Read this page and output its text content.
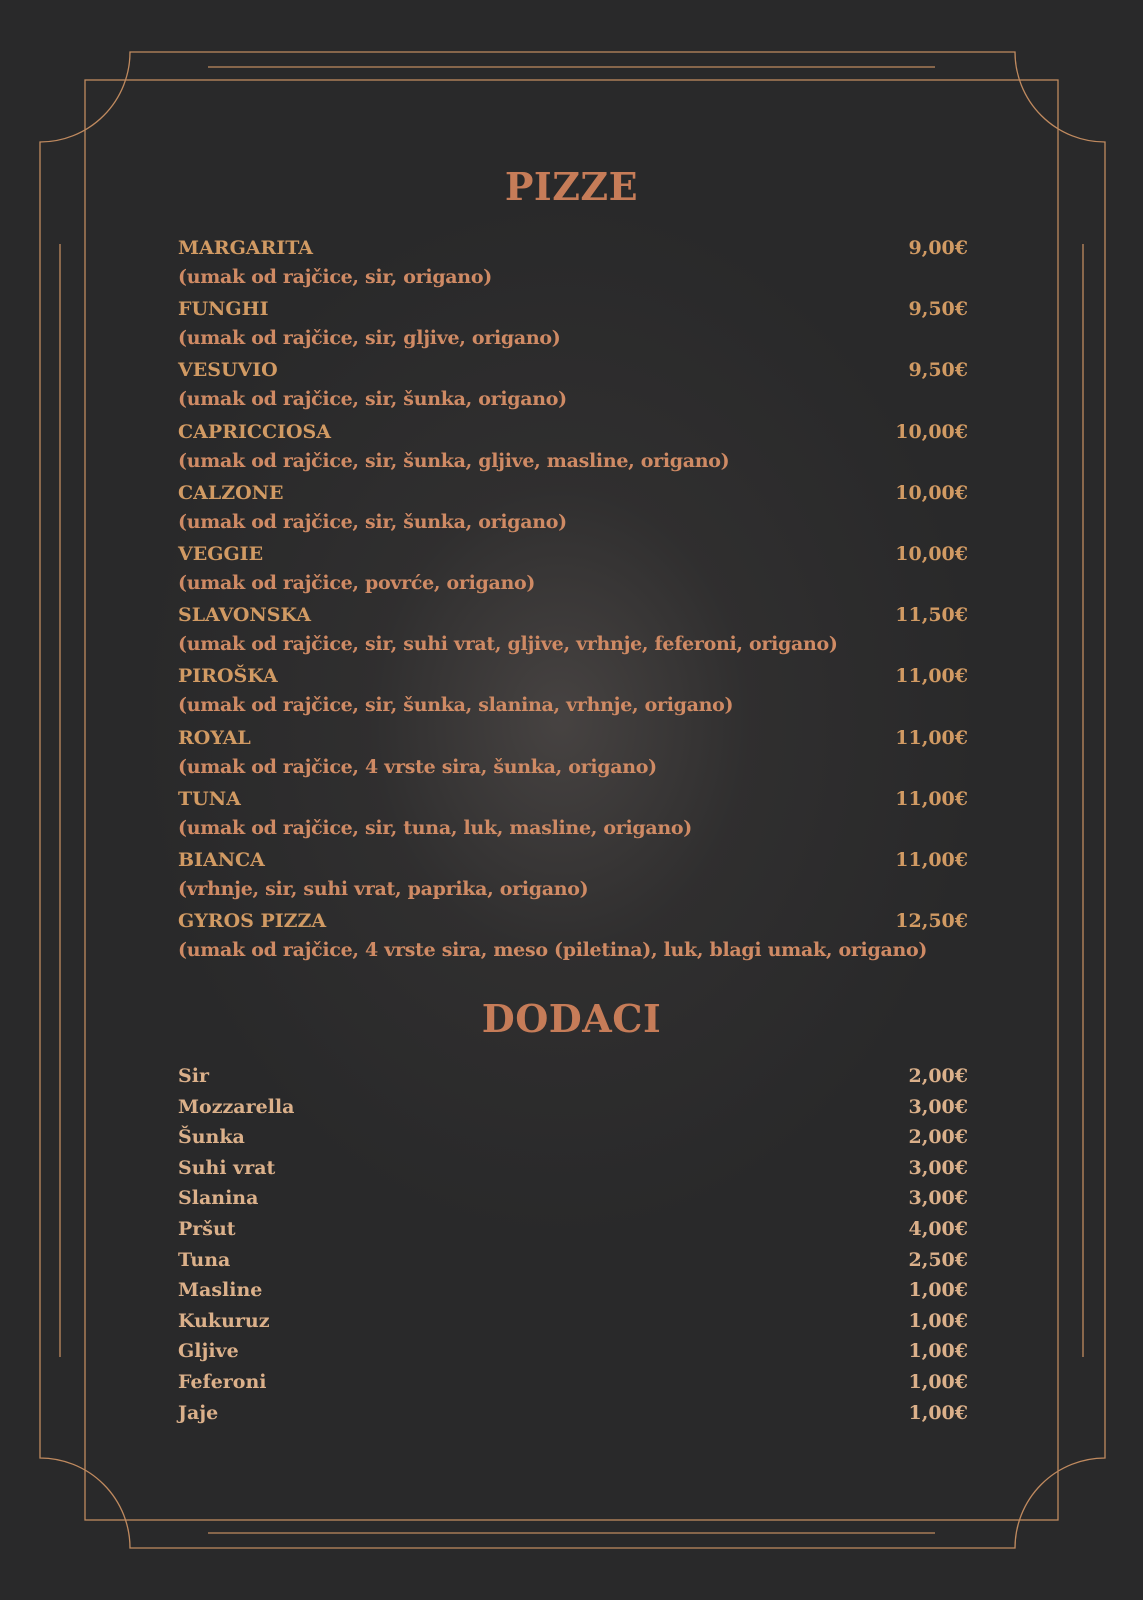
PIZZE
MARGARITA	9,00€
(umak od rajčice, sir, origano)
FUNGHI	9,50€
(umak od rajčice, sir, gljive, origano)
VESUVIO	9,50€
(umak od rajčice, sir, šunka, origano)
CAPRICCIOSA	10,00€
(umak od rajčice, sir, šunka, gljive, masline, origano)
CALZONE	10,00€
(umak od rajčice, sir, šunka, origano)
VEGGIE	10,00€
(umak od rajčice, povrće, origano)
SLAVONSKA	11,50€
(umak od rajčice, sir, suhi vrat, gljive, vrhnje, feferoni, origano)
PIROŠKA	11,00€
(umak od rajčice, sir, šunka, slanina, vrhnje, origano)
ROYAL	11,00€
(umak od rajčice, 4 vrste sira, šunka, origano)
TUNA	11,00€
(umak od rajčice, sir, tuna, luk, masline, origano)
BIANCA	11,00€
(vrhnje, sir, suhi vrat, paprika, origano)
GYROS PIZZA	12,50€
(umak od rajčice, 4 vrste sira, meso (piletina), luk, blagi umak, origano)
DODACI
Sir	2,00€
Mozzarella	3,00€
Šunka	2,00€
Suhi vrat	3,00€
Slanina	3,00€
Pršut	4,00€
Tuna	2,50€
Masline	1,00€
Kukuruz	1,00€
Gljive	1,00€
Feferoni	1,00€
Jaje	1,00€
